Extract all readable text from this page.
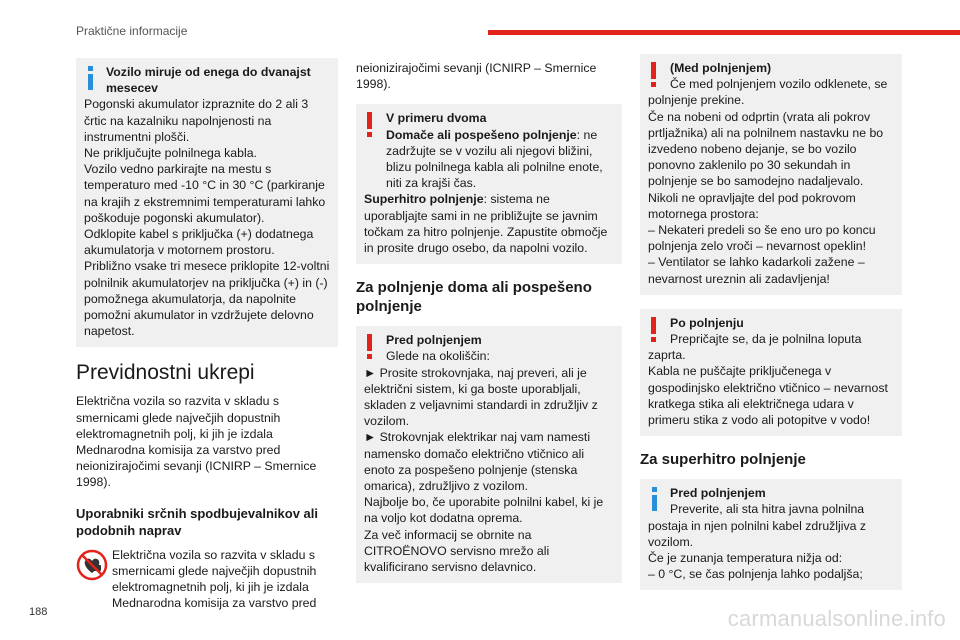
Praktične informacije
Vozilo miruje od enega do dvanajst mesecev
Pogonski akumulator izpraznite do 2 ali 3 črtic na kazalniku napolnjenosti na instrumentni plošči.
Ne priključujte polnilnega kabla.
Vozilo vedno parkirajte na mestu s temperaturo med -10 °C in 30 °C (parkiranje na krajih z ekstremnimi temperaturami lahko poškoduje pogonski akumulator).
Odklopite kabel s priključka (+) dodatnega akumulatorja v motornem prostoru.
Približno vsake tri mesece priklopite 12-voltni polnilnik akumulatorjev na priključka (+) in (-) pomožnega akumulatorja, da napolnite pomožni akumulator in vzdržujete delovno napetost.
Previdnostni ukrepi
Električna vozila so razvita v skladu s smernicami glede največjih dopustnih elektromagnetnih polj, ki jih je izdala Mednarodna komisija za varstvo pred neionizirajočimi sevanji (ICNIRP – Smernice 1998).
Uporabniki srčnih spodbujevalnikov ali podobnih naprav
Električna vozila so razvita v skladu s smernicami glede največjih dopustnih elektromagnetnih polj, ki jih je izdala Mednarodna komisija za varstvo pred
neionizirajočimi sevanji (ICNIRP – Smernice 1998).
V primeru dvoma
Domače ali pospešeno polnjenje: ne zadržujte se v vozilu ali njegovi bližini, blizu polnilnega kabla ali polnilne enote, niti za krajši čas.
Superhitro polnjenje: sistema ne uporabljajte sami in ne približujte se javnim točkam za hitro polnjenje. Zapustite območje in prosite drugo osebo, da napolni vozilo.
Za polnjenje doma ali pospešeno polnjenje
Pred polnjenjem
Glede na okoliščin:
► Prosite strokovnjaka, naj preveri, ali je električni sistem, ki ga boste uporabljali, skladen z veljavnimi standardi in združljiv z vozilom.
► Strokovnjak elektrikar naj vam namesti namensko domačo električno vtičnico ali enoto za pospešeno polnjenje (stenska omarica), združljivo z vozilom.
Najbolje bo, če uporabite polnilni kabel, ki je na voljo kot dodatna oprema.
Za več informacij se obrnite na CITROËNOVO servisno mrežo ali kvalificirano servisno delavnico.
(Med polnjenjem)
Če med polnjenjem vozilo odklenete, se
polnjenje prekine.
Če na nobeni od odprtin (vrata ali pokrov prtljažnika) ali na polnilnem nastavku ne bo izvedeno nobeno dejanje, se bo vozilo ponovno zaklenilo po 30 sekundah in polnjenje se bo samodejno nadaljevalo.
Nikoli ne opravljajte del pod pokrovom motornega prostora:
– Nekateri predeli so še eno uro po koncu polnjenja zelo vroči – nevarnost opeklin!
– Ventilator se lahko kadarkoli zažene – nevarnost ureznin ali zadavljenja!
Po polnjenju
Prepričajte se, da je polnilna loputa
zaprta.
Kabla ne puščajte priključenega v gospodinjsko električno vtičnico – nevarnost kratkega stika ali električnega udara v primeru stika z vodo ali potopitve v vodo!
Za superhitro polnjenje
Pred polnjenjem
Preverite, ali sta hitra javna polnilna
postaja in njen polnilni kabel združljiva z vozilom.
Če je zunanja temperatura nižja od:
– 0 °C, se čas polnjenja lahko podaljša;
188	carmanualsonline.info
